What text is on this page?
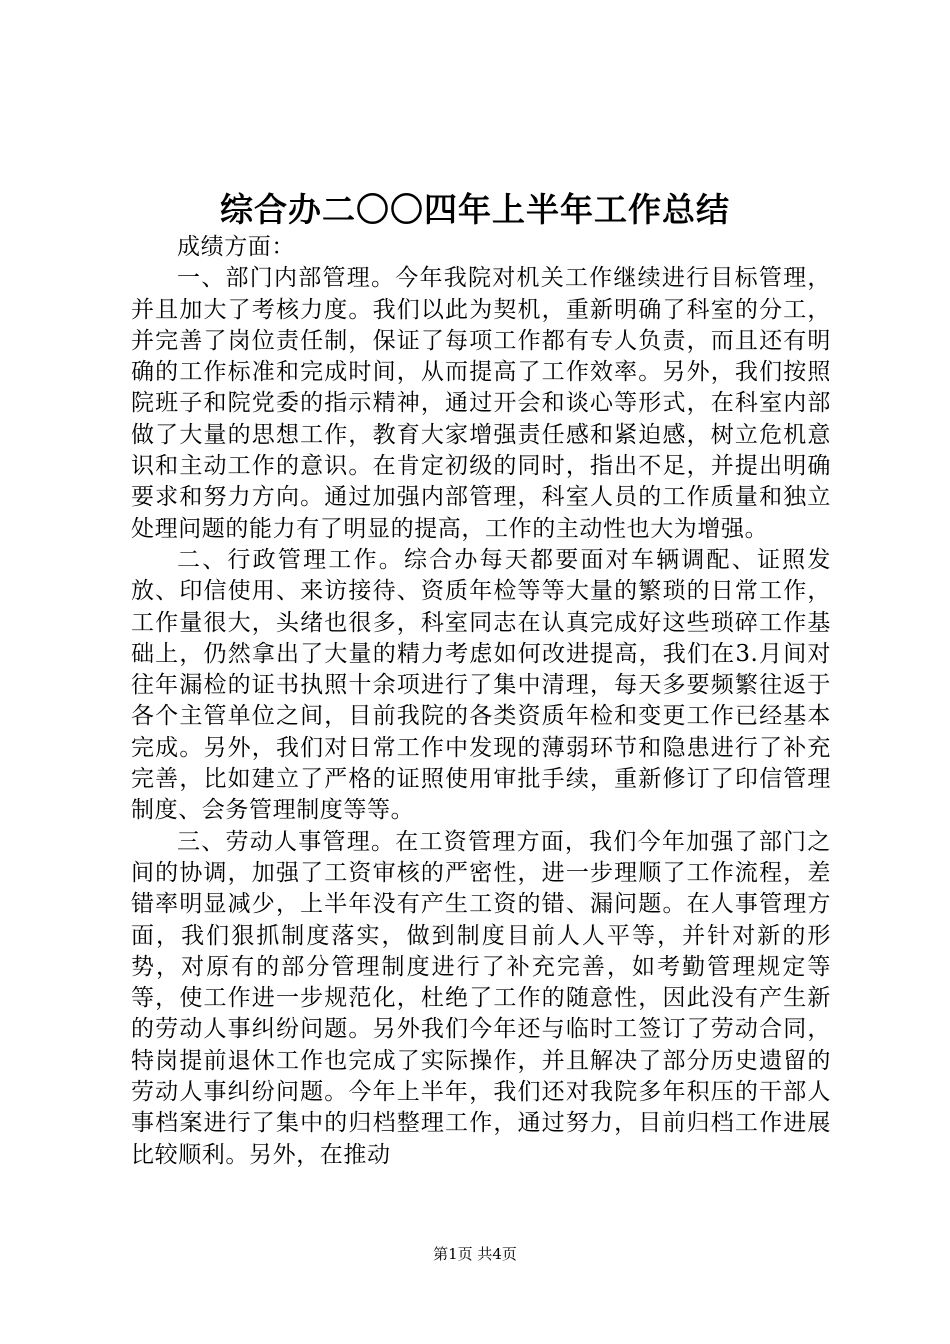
综合办二〇〇四年上半年工作总结

成绩方面：

一、部门内部管理。今年我院对机关工作继续进行目标管理，并且加大了考核力度。我们以此为契机，重新明确了科室的分工，并完善了岗位责任制，保证了每项工作都有专人负责，而且还有明确的工作标准和完成时间，从而提高了工作效率。另外，我们按照院班子和院党委的指示精神，通过开会和谈心等形式，在科室内部做了大量的思想工作，教育大家增强责任感和紧迫感，树立危机意识和主动工作的意识。在肯定初级的同时，指出不足，并提出明确要求和努力方向。通过加强内部管理，科室人员的工作质量和独立处理问题的能力有了明显的提高，工作的主动性也大为增强。

二、行政管理工作。综合办每天都要面对车辆调配、证照发放、印信使用、来访接待、资质年检等等大量的繁琐的日常工作，工作量很大，头绪也很多，科室同志在认真完成好这些琐碎工作基础上，仍然拿出了大量的精力考虑如何改进提高，我们在3.月间对往年漏检的证书执照十余项进行了集中清理，每天多要频繁往返于各个主管单位之间，目前我院的各类资质年检和变更工作已经基本完成。另外，我们对日常工作中发现的薄弱环节和隐患进行了补充完善，比如建立了严格的证照使用审批手续，重新修订了印信管理制度、会务管理制度等等。

三、劳动人事管理。在工资管理方面，我们今年加强了部门之间的协调，加强了工资审核的严密性，进一步理顺了工作流程，差错率明显减少，上半年没有产生工资的错、漏问题。在人事管理方面，我们狠抓制度落实，做到制度目前人人平等，并针对新的形势，对原有的部分管理制度进行了补充完善，如考勤管理规定等等，使工作进一步规范化，杜绝了工作的随意性，因此没有产生新的劳动人事纠纷问题。另外我们今年还与临时工签订了劳动合同，特岗提前退休工作也完成了实际操作，并且解决了部分历史遗留的劳动人事纠纷问题。今年上半年，我们还对我院多年积压的干部人事档案进行了集中的归档整理工作，通过努力，目前归档工作进展比较顺利。另外，在推动

第1页 共4页
